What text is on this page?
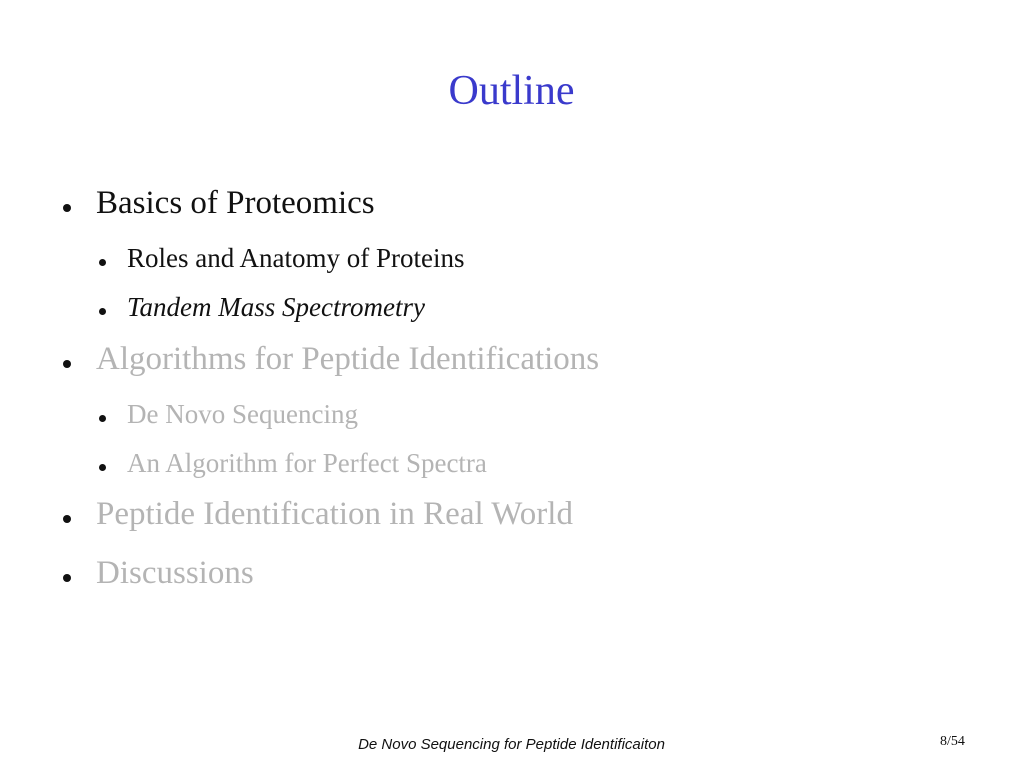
Outline
Basics of Proteomics
Roles and Anatomy of Proteins
Tandem Mass Spectrometry
Algorithms for Peptide Identifications
De Novo Sequencing
An Algorithm for Perfect Spectra
Peptide Identification in Real World
Discussions
De Novo Sequencing for Peptide Identificaiton	8/54
